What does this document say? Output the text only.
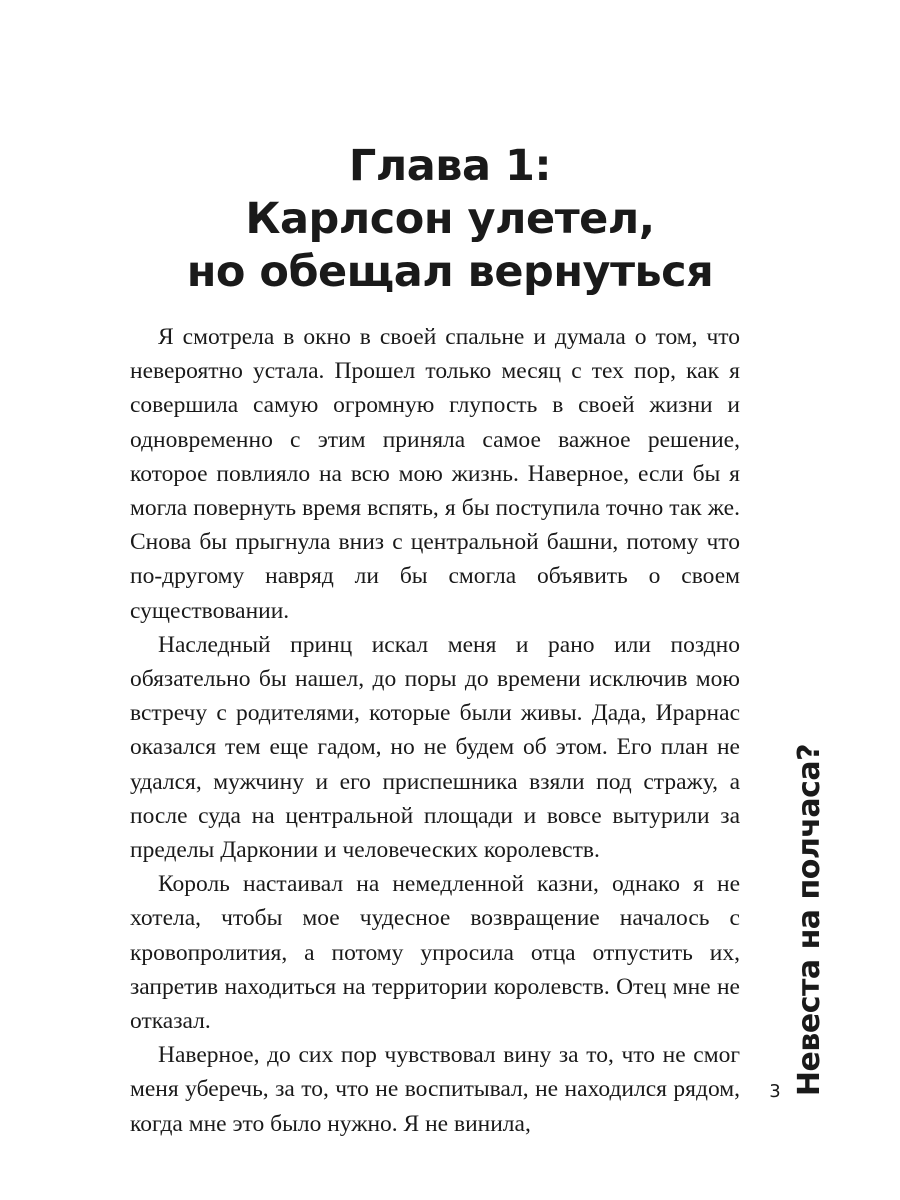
Глава 1:
Карлсон улетел,
но обещал вернуться

Я смотрела в окно в своей спальне и думала о том, что невероятно устала. Прошел только месяц с тех пор, как я совершила самую огромную глупость в своей жизни и одновременно с этим приняла самое важное решение, которое повлияло на всю мою жизнь. Наверное, если бы я могла повернуть время вспять, я бы поступила точно так же. Снова бы прыгнула вниз с центральной башни, потому что по-другому навряд ли бы смогла объявить о своем существовании.

Наследный принц искал меня и рано или поздно обязательно бы нашел, до поры до времени исключив мою встречу с родителями, которые были живы. Дада, Ирарнас оказался тем еще гадом, но не будем об этом. Его план не удался, мужчину и его приспешника взяли под стражу, а после суда на центральной площади и вовсе вытурили за пределы Дарконии и человеческих королевств.

Король настаивал на немедленной казни, однако я не хотела, чтобы мое чудесное возвращение началось с кровопролития, а потому упросила отца отпустить их, запретив находиться на территории королевств. Отец мне не отказал.

Наверное, до сих пор чувствовал вину за то, что не смог меня уберечь, за то, что не воспитывал, не находился рядом, когда мне это было нужно. Я не винила,

Невеста на полчаса?
3
